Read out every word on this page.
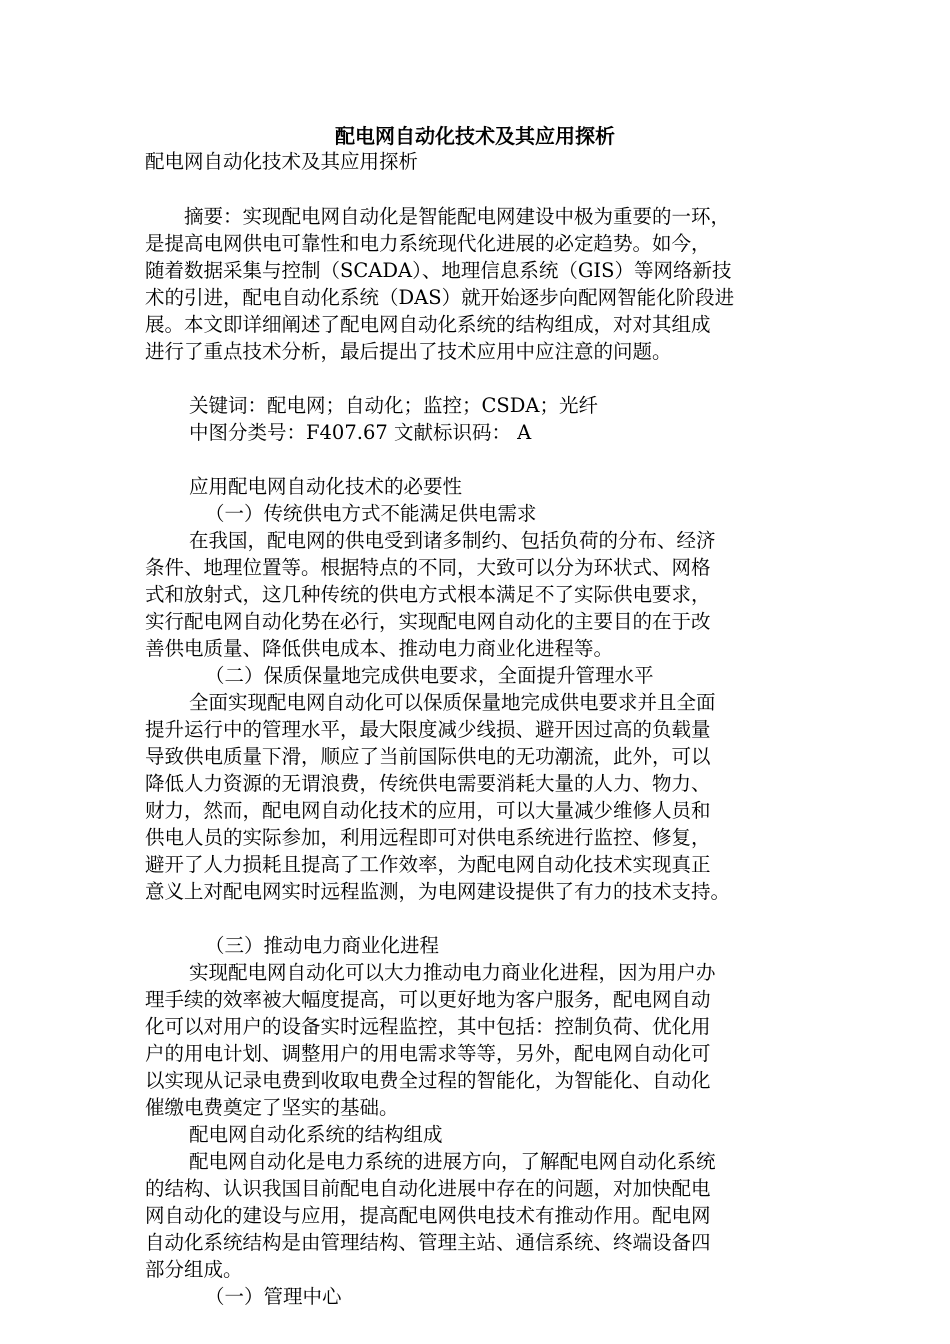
配电网自动化技术及其应用探析
配电网自动化技术及其应用探析
　　摘要：实现配电网自动化是智能配电网建设中极为重要的一环，
是提高电网供电可靠性和电力系统现代化进展的必定趋势。如今，
随着数据采集与控制（SCADA）、地理信息系统（GIS）等网络新技
术的引进，配电自动化系统（DAS）就开始逐步向配网智能化阶段进
展。本文即详细阐述了配电网自动化系统的结构组成，对对其组成
进行了重点技术分析，最后提出了技术应用中应注意的问题。
关键词：配电网；自动化；监控；CSDA；光纤
中图分类号：F407.67 文献标识码： A
应用配电网自动化技术的必要性
（一）传统供电方式不能满足供电需求
在我国，配电网的供电受到诸多制约、包括负荷的分布、经济
条件、地理位置等。根据特点的不同，大致可以分为环状式、网格
式和放射式，这几种传统的供电方式根本满足不了实际供电要求，
实行配电网自动化势在必行，实现配电网自动化的主要目的在于改
善供电质量、降低供电成本、推动电力商业化进程等。
（二）保质保量地完成供电要求，全面提升管理水平
全面实现配电网自动化可以保质保量地完成供电要求并且全面
提升运行中的管理水平，最大限度减少线损、避开因过高的负载量
导致供电质量下滑，顺应了当前国际供电的无功潮流，此外，可以
降低人力资源的无谓浪费，传统供电需要消耗大量的人力、物力、
财力，然而，配电网自动化技术的应用，可以大量减少维修人员和
供电人员的实际参加，利用远程即可对供电系统进行监控、修复，
避开了人力损耗且提高了工作效率，为配电网自动化技术实现真正
意义上对配电网实时远程监测，为电网建设提供了有力的技术支持。
（三）推动电力商业化进程
实现配电网自动化可以大力推动电力商业化进程，因为用户办
理手续的效率被大幅度提高，可以更好地为客户服务，配电网自动
化可以对用户的设备实时远程监控，其中包括：控制负荷、优化用
户的用电计划、调整用户的用电需求等等，另外，配电网自动化可
以实现从记录电费到收取电费全过程的智能化，为智能化、自动化
催缴电费奠定了坚实的基础。
配电网自动化系统的结构组成
配电网自动化是电力系统的进展方向，了解配电网自动化系统
的结构、认识我国目前配电自动化进展中存在的问题，对加快配电
网自动化的建设与应用，提高配电网供电技术有推动作用。配电网
自动化系统结构是由管理结构、管理主站、通信系统、终端设备四
部分组成。
（一）管理中心
